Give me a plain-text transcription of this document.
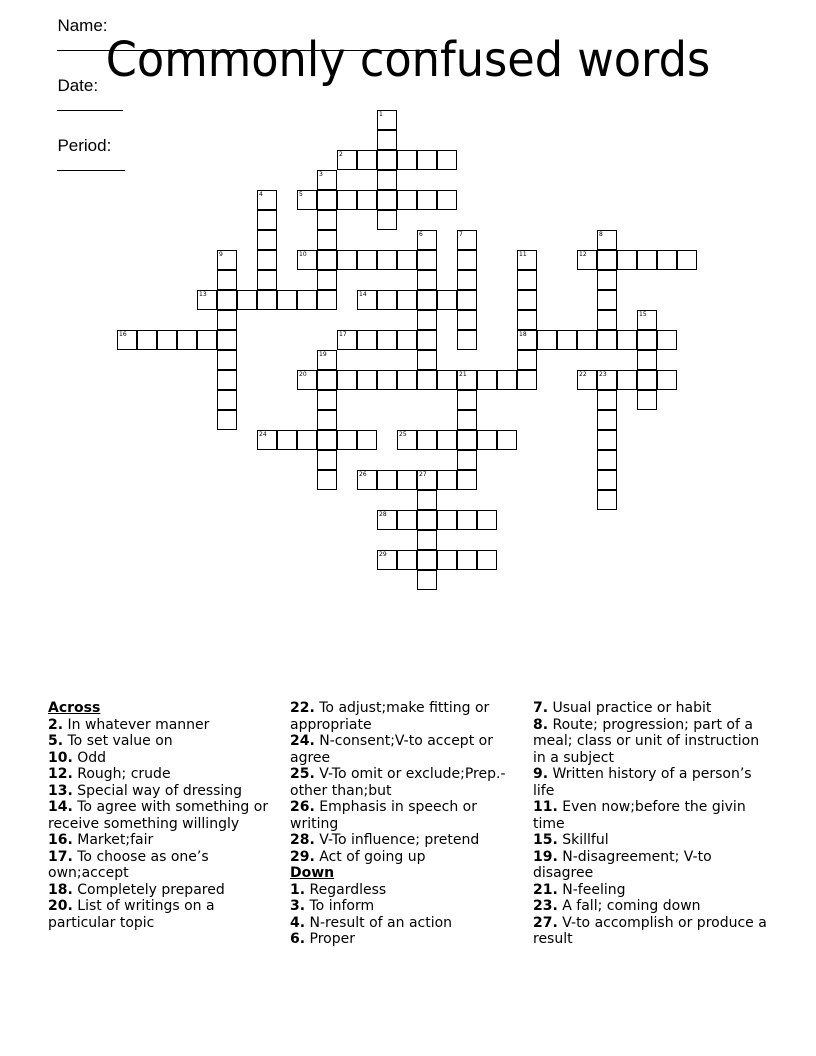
Name:

Date:

Period:

Commonly confused words
1
2
3
4	5
6	7	8
9	10	11
18
12
13	14
15
16	17
19
20	21	22 23
24	25
26	27
28
29
Across
2. In whatever manner
5. To set value on
10. Odd
12. Rough; crude
13. Special way of dressing
14. To agree with something or receive something willingly
16. Market;fair
17. To choose as one’s own;accept
18. Completely prepared
20. List of writings on a particular topic
22. To adjust;make fitting or appropriate
24. N-consent;V-to accept or agree
25. V-To omit or exclude;Prep.-other than;but
26. Emphasis in speech or writing
28. V-To influence; pretend
29. Act of going up
Down
1. Regardless
3. To inform
4. N-result of an action
6. Proper
7. Usual practice or habit
8. Route; progression; part of a meal; class or unit of instruction in a subject
9. Written history of a person’s life
11. Even now;before the givin time
15. Skillful
19. N-disagreement; V-to disagree
21. N-feeling
23. A fall; coming down
27. V-to accomplish or produce a result
